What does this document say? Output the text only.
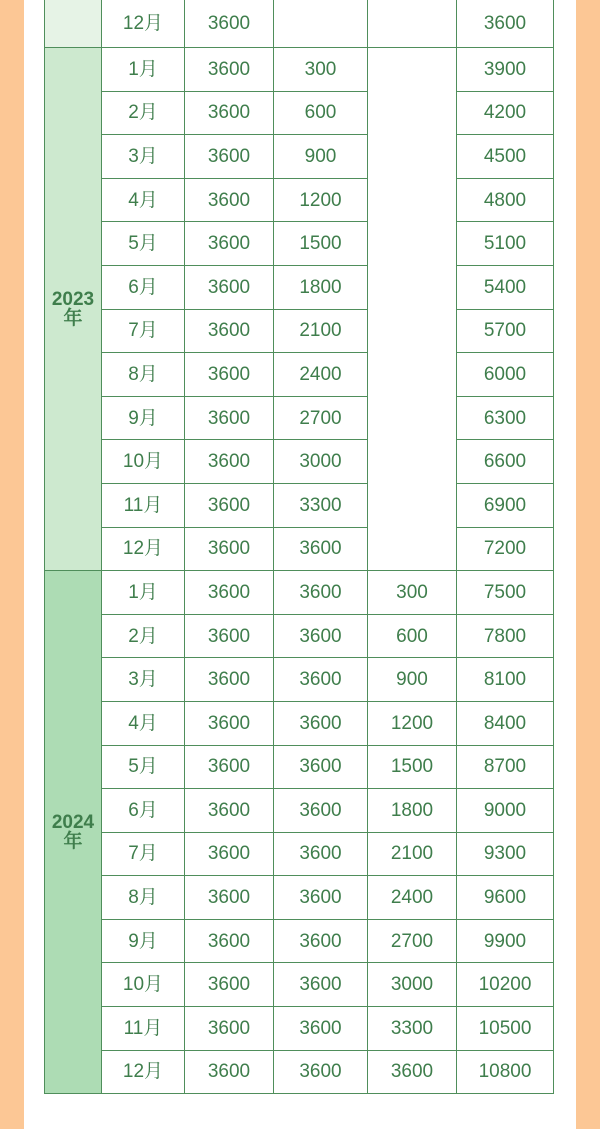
	12月	3600			3600

2023
年	1月	3600	300		3900
	2月	3600	600		4200
	3月	3600	900		4500
	4月	3600	1200		4800
	5月	3600	1500		5100
	6月	3600	1800		5400
	7月	3600	2100		5700
	8月	3600	2400		6000
	9月	3600	2700		6300
	10月	3600	3000		6600
	11月	3600	3300		6900
	12月	3600	3600		7200

2024
年	1月	3600	3600	300	7500
	2月	3600	3600	600	7800
	3月	3600	3600	900	8100
	4月	3600	3600	1200	8400
	5月	3600	3600	1500	8700
	6月	3600	3600	1800	9000
	7月	3600	3600	2100	9300
	8月	3600	3600	2400	9600
	9月	3600	3600	2700	9900
	10月	3600	3600	3000	10200
	11月	3600	3600	3300	10500
	12月	3600	3600	3600	10800
